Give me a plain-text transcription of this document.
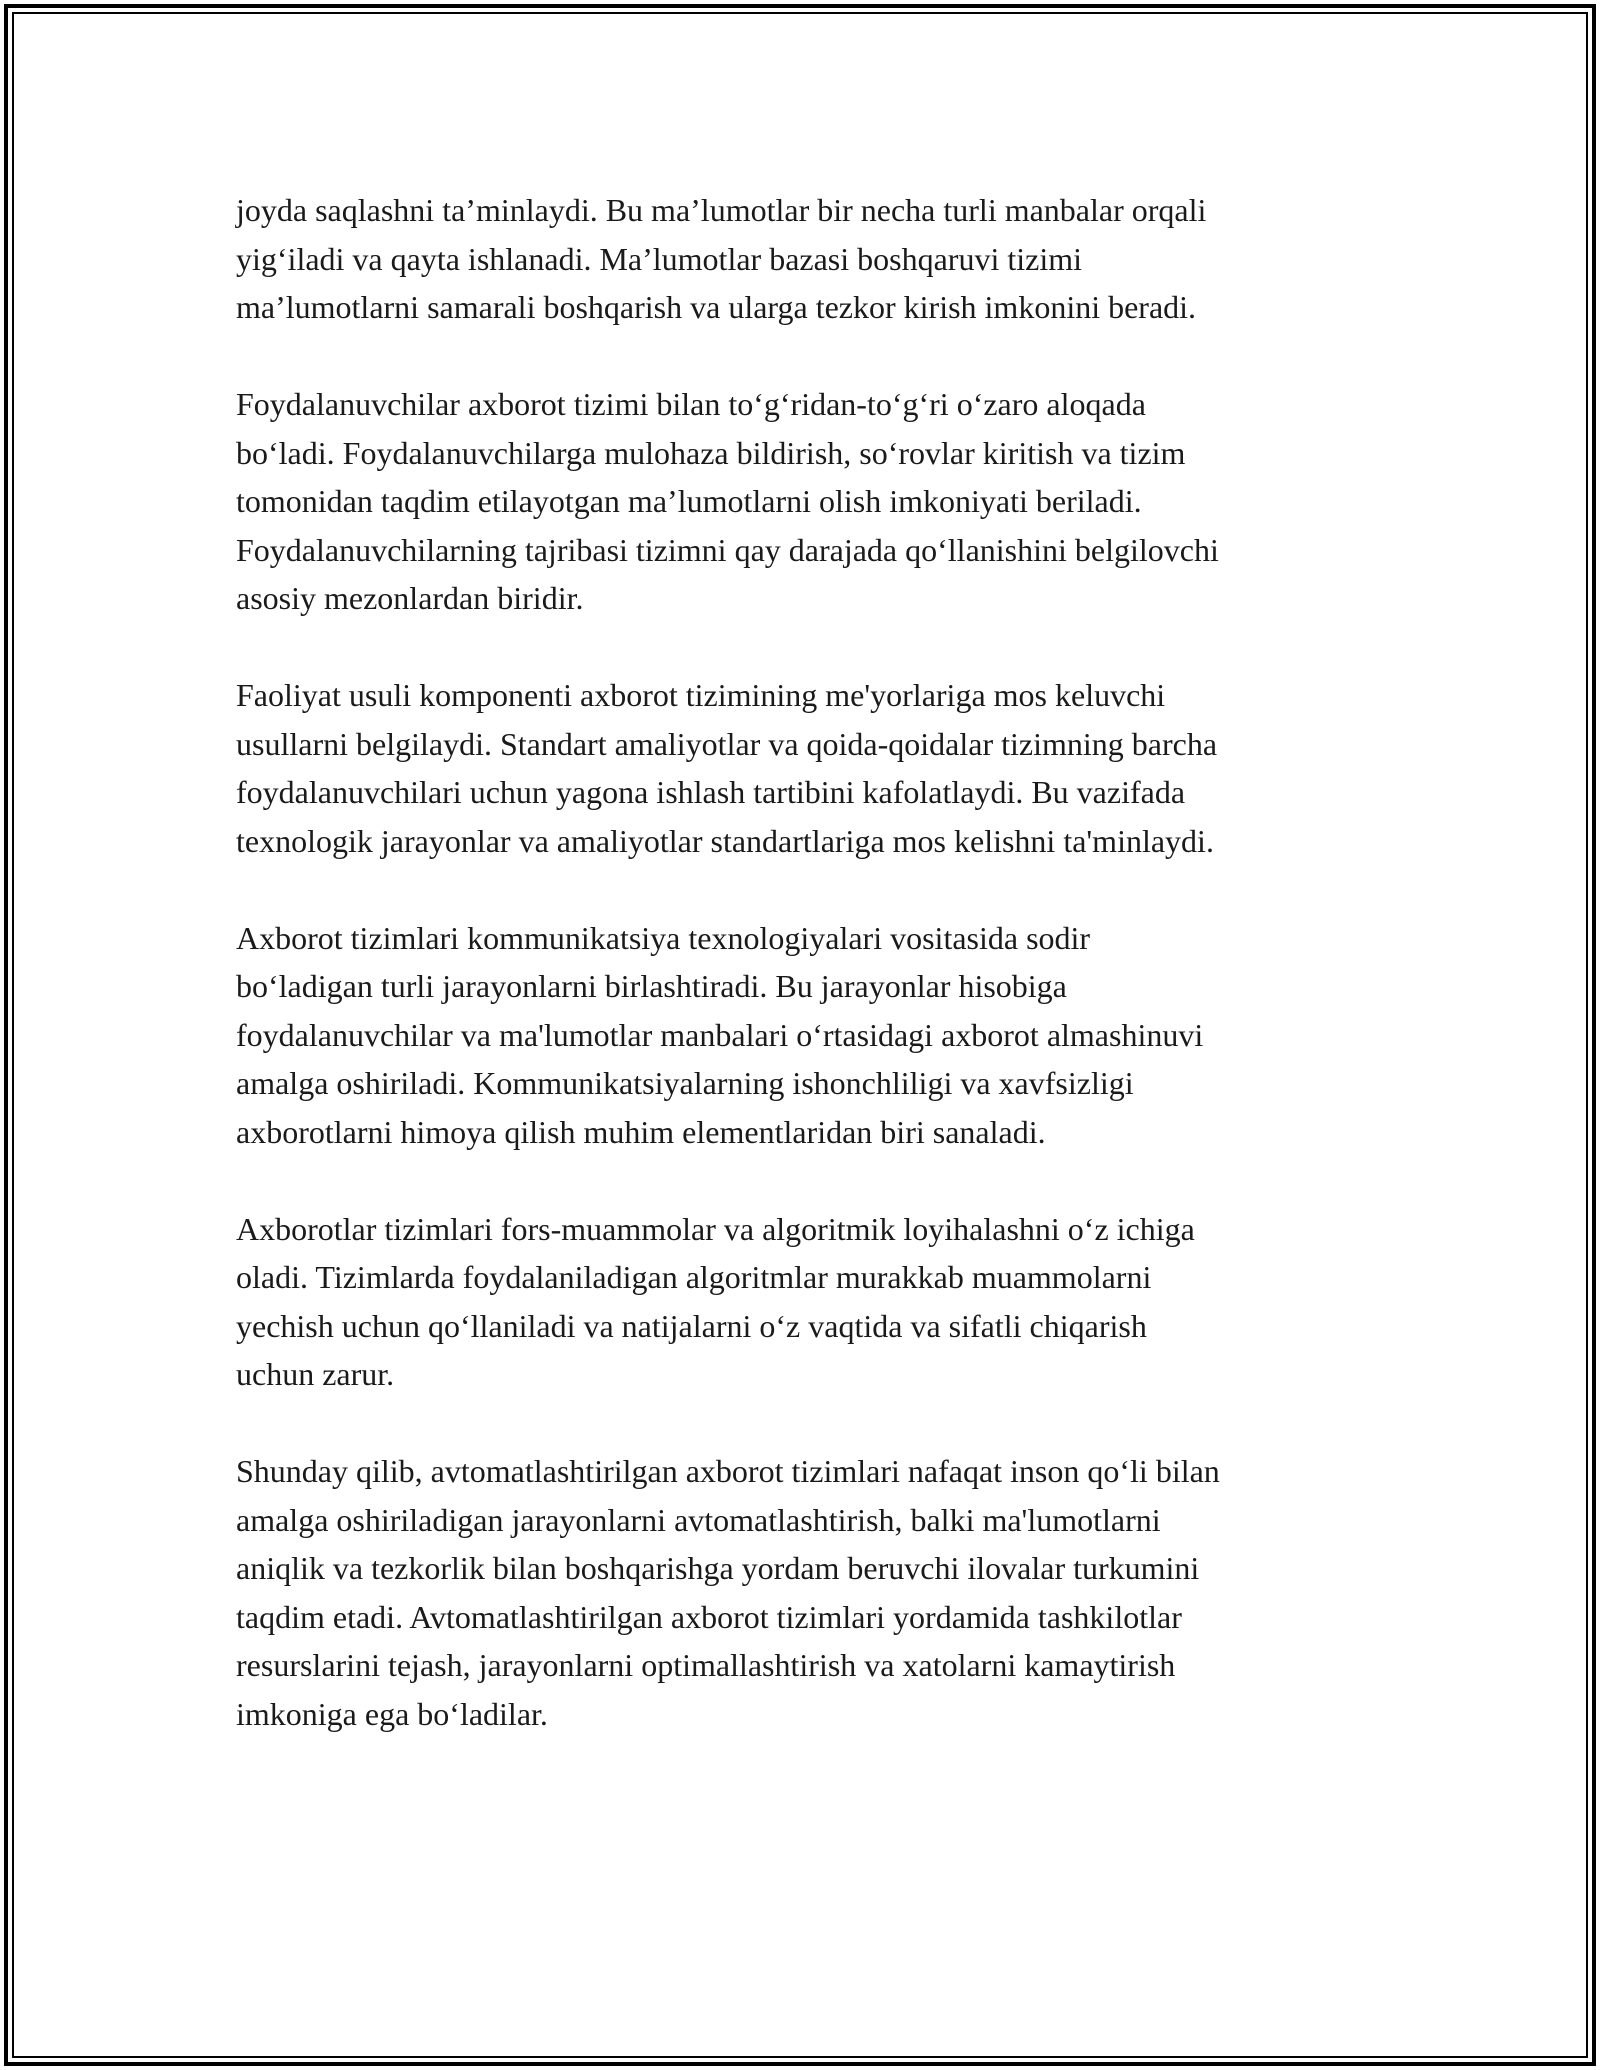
joyda saqlashni ta’minlaydi. Bu ma’lumotlar bir necha turli manbalar orqali
yig‘iladi va qayta ishlanadi. Ma’lumotlar bazasi boshqaruvi tizimi
ma’lumotlarni samarali boshqarish va ularga tezkor kirish imkonini beradi.

Foydalanuvchilar axborot tizimi bilan to‘g‘ridan-to‘g‘ri o‘zaro aloqada
bo‘ladi. Foydalanuvchilarga mulohaza bildirish, so‘rovlar kiritish va tizim
tomonidan taqdim etilayotgan ma’lumotlarni olish imkoniyati beriladi.
Foydalanuvchilarning tajribasi tizimni qay darajada qo‘llanishini belgilovchi
asosiy mezonlardan biridir.

Faoliyat usuli komponenti axborot tizimining me'yorlariga mos keluvchi
usullarni belgilaydi. Standart amaliyotlar va qoida-qoidalar tizimning barcha
foydalanuvchilari uchun yagona ishlash tartibini kafolatlaydi. Bu vazifada
texnologik jarayonlar va amaliyotlar standartlariga mos kelishni ta'minlaydi.

Axborot tizimlari kommunikatsiya texnologiyalari vositasida sodir
bo‘ladigan turli jarayonlarni birlashtiradi. Bu jarayonlar hisobiga
foydalanuvchilar va ma'lumotlar manbalari o‘rtasidagi axborot almashinuvi
amalga oshiriladi. Kommunikatsiyalarning ishonchliligi va xavfsizligi
axborotlarni himoya qilish muhim elementlaridan biri sanaladi.

Axborotlar tizimlari fors-muammolar va algoritmik loyihalashni o‘z ichiga
oladi. Tizimlarda foydalaniladigan algoritmlar murakkab muammolarni
yechish uchun qo‘llaniladi va natijalarni o‘z vaqtida va sifatli chiqarish
uchun zarur.

Shunday qilib, avtomatlashtirilgan axborot tizimlari nafaqat inson qo‘li bilan
amalga oshiriladigan jarayonlarni avtomatlashtirish, balki ma'lumotlarni
aniqlik va tezkorlik bilan boshqarishga yordam beruvchi ilovalar turkumini
taqdim etadi. Avtomatlashtirilgan axborot tizimlari yordamida tashkilotlar
resurslarini tejash, jarayonlarni optimallashtirish va xatolarni kamaytirish
imkoniga ega bo‘ladilar.
